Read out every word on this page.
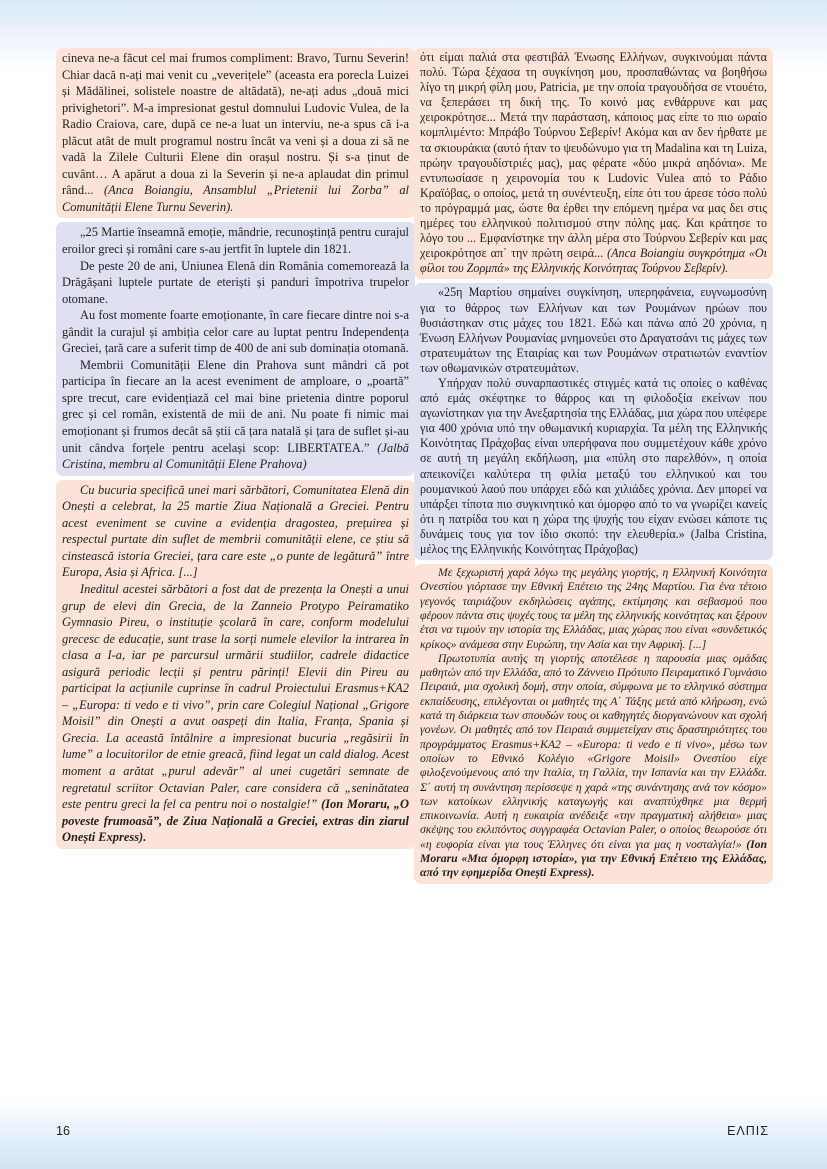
cineva ne-a făcut cel mai frumos compliment: Bravo, Turnu Severin! Chiar dacă n-ați mai venit cu „veverițele” (aceasta era porecla Luizei și Mădălinei, solistele noastre de altădată), ne-ați adus „două mici privighetori”. M-a impresionat gestul domnului Ludovic Vulea, de la Radio Craiova, care, după ce ne-a luat un interviu, ne-a spus că i-a plăcut atât de mult programul nostru încât va veni și a doua zi să ne vadă la Zilele Culturii Elene din orașul nostru. Și s-a ținut de cuvânt… A apărut a doua zi la Severin și ne-a aplaudat din primul rând... (Anca Boiangiu, Ansamblul „Prietenii lui Zorba” al Comunității Elene Turnu Severin).

„25 Martie înseamnă emoție, mândrie, recunoștință pentru curajul eroilor greci și români care s-au jertfit în luptele din 1821.

De peste 20 de ani, Uniunea Elenă din România comemorează la Drăgășani luptele purtate de eteriști și panduri împotriva trupelor otomane.

Au fost momente foarte emoționante, în care fiecare dintre noi s-a gândit la curajul și ambiția celor care au luptat pentru Independența Greciei, țară care a suferit timp de 400 de ani sub dominația otomană.

Membrii Comunității Elene din Prahova sunt mândri că pot participa în fiecare an la acest eveniment de amploare, o „poartă” spre trecut, care evidențiază cel mai bine prietenia dintre poporul grec și cel român, existentă de mii de ani. Nu poate fi nimic mai emoționant și frumos decât să știi că țara natală și țara de suflet și-au unit cândva forțele pentru același scop: LIBERTATEA.” (Jalbă Cristina, membru al Comunității Elene Prahova)

Cu bucuria specifică unei mari sărbători, Comunitatea Elenă din Onești a celebrat, la 25 martie Ziua Națională a Greciei. Pentru acest eveniment se cuvine a evidenția dragostea, prețuirea și respectul purtate din suflet de membrii comunității elene, ce știu să cinstească istoria Greciei, țara care este „o punte de legătură” între Europa, Asia și Africa. [...]

Ineditul acestei sărbători a fost dat de prezența la Onești a unui grup de elevi din Grecia, de la Zanneio Protypo Peiramatiko Gymnasio Pireu, o instituție școlară în care, conform modelului grecesc de educație, sunt trase la sorți numele elevilor la intrarea în clasa a I-a, iar pe parcursul urmării studiilor, cadrele didactice asigură periodic lecții și pentru părinți! Elevii din Pireu au participat la acțiunile cuprinse în cadrul Proiectului Erasmus+KA2 – „Europa: ti vedo e ti vivo”, prin care Colegiul Național „Grigore Moisil” din Onești a avut oaspeți din Italia, Franța, Spania și Grecia. La această întâlnire a impresionat bucuria „regăsirii în lume” a locuitorilor de etnie greacă, fiind legat un cald dialog. Acest moment a arătat „purul adevăr” al unei cugetări semnate de regretatul scriitor Octavian Paler, care considera că „seninătatea este pentru greci la fel ca pentru noi o nostalgie!” (Ion Moraru, „O poveste frumoasă”, de Ziua Națională a Greciei, extras din ziarul Onești Express).

ότι είμαι παλιά στα φεστιβάλ Ένωσης Ελλήνων, συγκινούμαι πάντα πολύ. Τώρα ξέχασα τη συγκίνηση μου, προσπαθώντας να βοηθήσω λίγο τη μικρή φίλη μου, Patricia, με την οποία τραγουδήσα σε ντουέτο, να ξεπεράσει τη δική της. Το κοινό μας ενθάρρυνε και μας χειροκρότησε... Μετά την παράσταση, κάποιος μας είπε το πιο ωραίο κομπλιμέντο: Μπράβο Τούρνου Σεβερίν! Ακόμα και αν δεν ήρθατε με τα σκιουράκια (αυτό ήταν το ψευδώνυμο για τη Madalina και τη Luiza, πρώην τραγουδίστριές μας), μας φέρατε «δύο μικρά αηδόνια». Με εντυπωσίασε η χειρονομία του κ Ludovic Vulea από το Ράδιο Κραϊόβας, ο οποίος, μετά τη συνέντευξη, είπε ότι του άρεσε τόσο πολύ το πρόγραμμά μας, ώστε θα έρθει την επόμενη ημέρα να μας δει στις ημέρες του ελληνικού πολιτισμού στην πόλης μας. Και κράτησε το λόγο του ... Εμφανίστηκε την άλλη μέρα στο Τούρνου Σεβερίν και μας χειροκρότησε απ΄ την πρώτη σειρά... (Anca Boiangiu συγκρότημα «Οι φίλοι του Ζορμπά» της Ελληνικής Κοινότητας Τούρνου Σεβερίν).

«25η Μαρτίου σημαίνει συγκίνηση, υπερηφάνεια, ευγνωμοσύνη για το θάρρος των Ελλήνων και των Ρουμάνων ηρώων που θυσιάστηκαν στις μάχες του 1821. Εδώ και πάνω από 20 χρόνια, η Ένωση Ελλήνων Ρουμανίας μνημονεύει στο Δραγατσάνι τις μάχες των στρατευμάτων της Εταιρίας και των Ρουμάνων στρατιωτών εναντίον των οθωμανικών στρατευμάτων.

Υπήρχαν πολύ συναρπαστικές στιγμές κατά τις οποίες ο καθένας από εμάς σκέφτηκε το θάρρος και τη φιλοδοξία εκείνων που αγωνίστηκαν για την Ανεξαρτησία της Ελλάδας, μια χώρα που υπέφερε για 400 χρόνια υπό την οθωμανική κυριαρχία. Τα μέλη της Ελληνικής Κοινότητας Πράχοβας είναι υπερήφανα που συμμετέχουν κάθε χρόνο σε αυτή τη μεγάλη εκδήλωση, μια «πύλη στο παρελθόν», η οποία απεικονίζει καλύτερα τη φιλία μεταξύ του ελληνικού και του ρουμανικού λαού που υπάρχει εδώ και χιλιάδες χρόνια. Δεν μπορεί να υπάρξει τίποτα πιο συγκινητικό και όμορφο από το να γνωρίζει κανείς ότι η πατρίδα του και η χώρα της ψυχής του είχαν ενώσει κάποτε τις δυνάμεις τους για τον ίδιο σκοπό: την ελευθερία.» (Jalba Cristina, μέλος της Ελληνικής Κοινότητας Πράχοβας)

Με ξεχωριστή χαρά λόγω της μεγάλης γιορτής, η Ελληνική Κοινότητα Ονεστίου γιόρτασε την Εθνική Επέτειο της 24ης Μαρτίου. Για ένα τέτοιο γεγονός ταιριάζουν εκδηλώσεις αγάπης, εκτίμησης και σεβασμού που φέρουν πάντα στις ψυχές τους τα μέλη της ελληνικής κοινότητας και ξέρουν έτσι να τιμούν την ιστορία της Ελλάδας, μιας χώρας που είναι «συνδετικός κρίκος» ανάμεσα στην Ευρώπη, την Ασία και την Αφρική. [...]

Πρωτοτυπία αυτής τη γιορτής αποτέλεσε η παρουσία μιας ομάδας μαθητών από την Ελλάδα, από το Ζάννειο Πρότυπο Πειραματικό Γυμνάσιο Πειραιά, μια σχολική δομή, στην οποία, σύμφωνα με το ελληνικό σύστημα εκπαίδευσης, επιλέγονται οι μαθητές της Α΄ Τάξης μετά από κλήρωση, ενώ κατά τη διάρκεια των σπουδών τους οι καθηγητές διοργανώνουν και σχολή γονέων. Οι μαθητές από τον Πειραιά συμμετείχαν στις δραστηριότητες του προγράμματος Erasmus+KA2 – «Europa: ti vedo e ti vivo», μέσω των οποίων το Εθνικό Κολέγιο «Grigore Moisil» Ονεστίου είχε φιλοξενούμενους από την Ιταλία, τη Γαλλία, την Ισπανία και την Ελλάδα. Σ΄ αυτή τη συνάντηση περίσσεψε η χαρά «της συνάντησης ανά τον κόσμο» των κατοίκων ελληνικής καταγωγής και αναπτύχθηκε μια θερμή επικοινωνία. Αυτή η ευκαιρία ανέδειξε «την πραγματική αλήθεια» μιας σκέψης του εκλιπόντος συγγραφέα Octavian Paler, ο οποίος θεωρούσε ότι «η ευφορία είναι για τους Έλληνες ότι είναι για μας η νοσταλγία!» (Ion Moraru «Μια όμορφη ιστορία», για την Εθνική Επέτειο της Ελλάδας, από την εφημερίδα Onești Express).

16	ΕΛΠΙΣ
